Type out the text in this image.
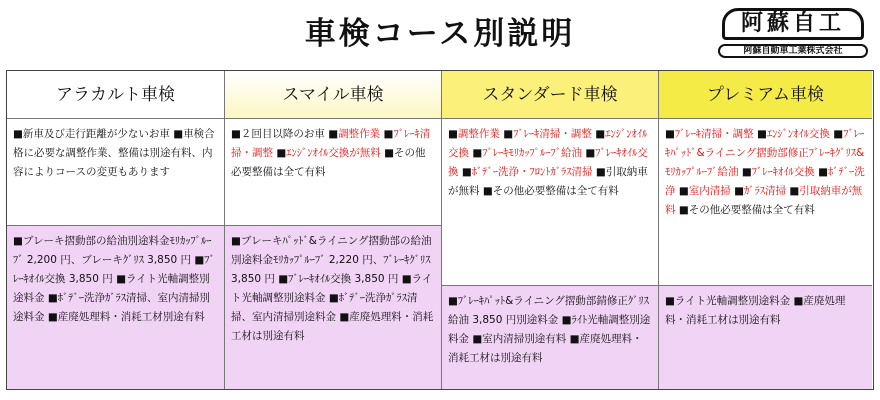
車検コース別説明	阿蘇自工
阿蘇自動車工業株式会社
アラカルト車検
■新車及び走行距離が少ないお車 ■車検合格に必要な調整作業、整備は別途有料、内容によりコースの変更もあります
■ブレーキ摺動部の給油別途料金ﾓﾘｶｯﾌﾟﾙｰﾌﾞ 2,200 円、ブレーキｸﾞﾘｽ 3,850 円 ■ﾌﾞﾚｰｷｵｲﾙ交換 3,850 円 ■ライト光軸調整別途料金 ■ﾎﾞﾃﾞｰ洗浄ｶﾞﾗｽ清掃、室内清掃別途料金 ■産廃処理料・消耗工材別途有料
スマイル車検
■２回目以降のお車 ■調整作業 ■ﾌﾞﾚｰｷ清掃・調整 ■ｴﾝｼﾞﾝｵｲﾙ交換が無料 ■その他必要整備は全て有料
■ブレーキﾊﾟｯﾄﾞ&ライニング摺動部の給油別途料金ﾓﾘｶｯﾌﾟﾙｰﾌﾞ 2,220 円、ﾌﾞﾚｰｷｸﾞﾘｽ 3,850 円 ■ﾌﾞﾚｰｷｵｲﾙ交換 3,850 円 ■ライト光軸調整別途料金 ■ﾎﾞﾃﾞｰ洗浄ｶﾞﾗｽ清掃、室内清掃別途料金 ■産廃処理料・消耗工材は別途有料
スタンダード車検
■調整作業 ■ﾌﾞﾚｰｷ清掃・調整 ■ｴﾝｼﾞﾝｵｲﾙ交換 ■ﾌﾞﾚｰｷﾓﾘｶｯﾌﾟﾙｰﾌﾞ給油 ■ﾌﾞﾚｰｷｵｲﾙ交換 ■ﾎﾞﾃﾞｰ洗浄・ﾌﾛﾝﾄｶﾞﾗｽ清掃 ■引取納車が無料 ■その他必要整備は全て有料
■ﾌﾞﾚｰｷﾊﾟｯﾄ&ライニング摺動部錆修正ｸﾞﾘｽ給油 3,850 円別途料金 ■ﾗｲﾄ光軸調整別途料金 ■室内清掃別途有料 ■産廃処理料・消耗工材は別途有料
プレミアム車検
■ﾌﾞﾚｰｷ清掃・調整 ■ｴﾝｼﾞﾝｵｲﾙ交換 ■ﾌﾞﾚｰｷﾊﾟｯﾄﾞ&ライニング摺動部修正ﾌﾞﾚｰｷｸﾞﾘｽ&ﾓﾘｶｯﾌﾟﾙｰﾌﾞ給油 ■ﾌﾞﾚｰｷｵｲﾙ交換 ■ﾎﾞﾃﾞｰ洗浄 ■室内清掃 ■ｶﾞﾗｽ清掃 ■引取納車が無料 ■その他必要整備は全て有料
■ライト光軸調整別途料金 ■産廃処理料・消耗工材は別途有料
